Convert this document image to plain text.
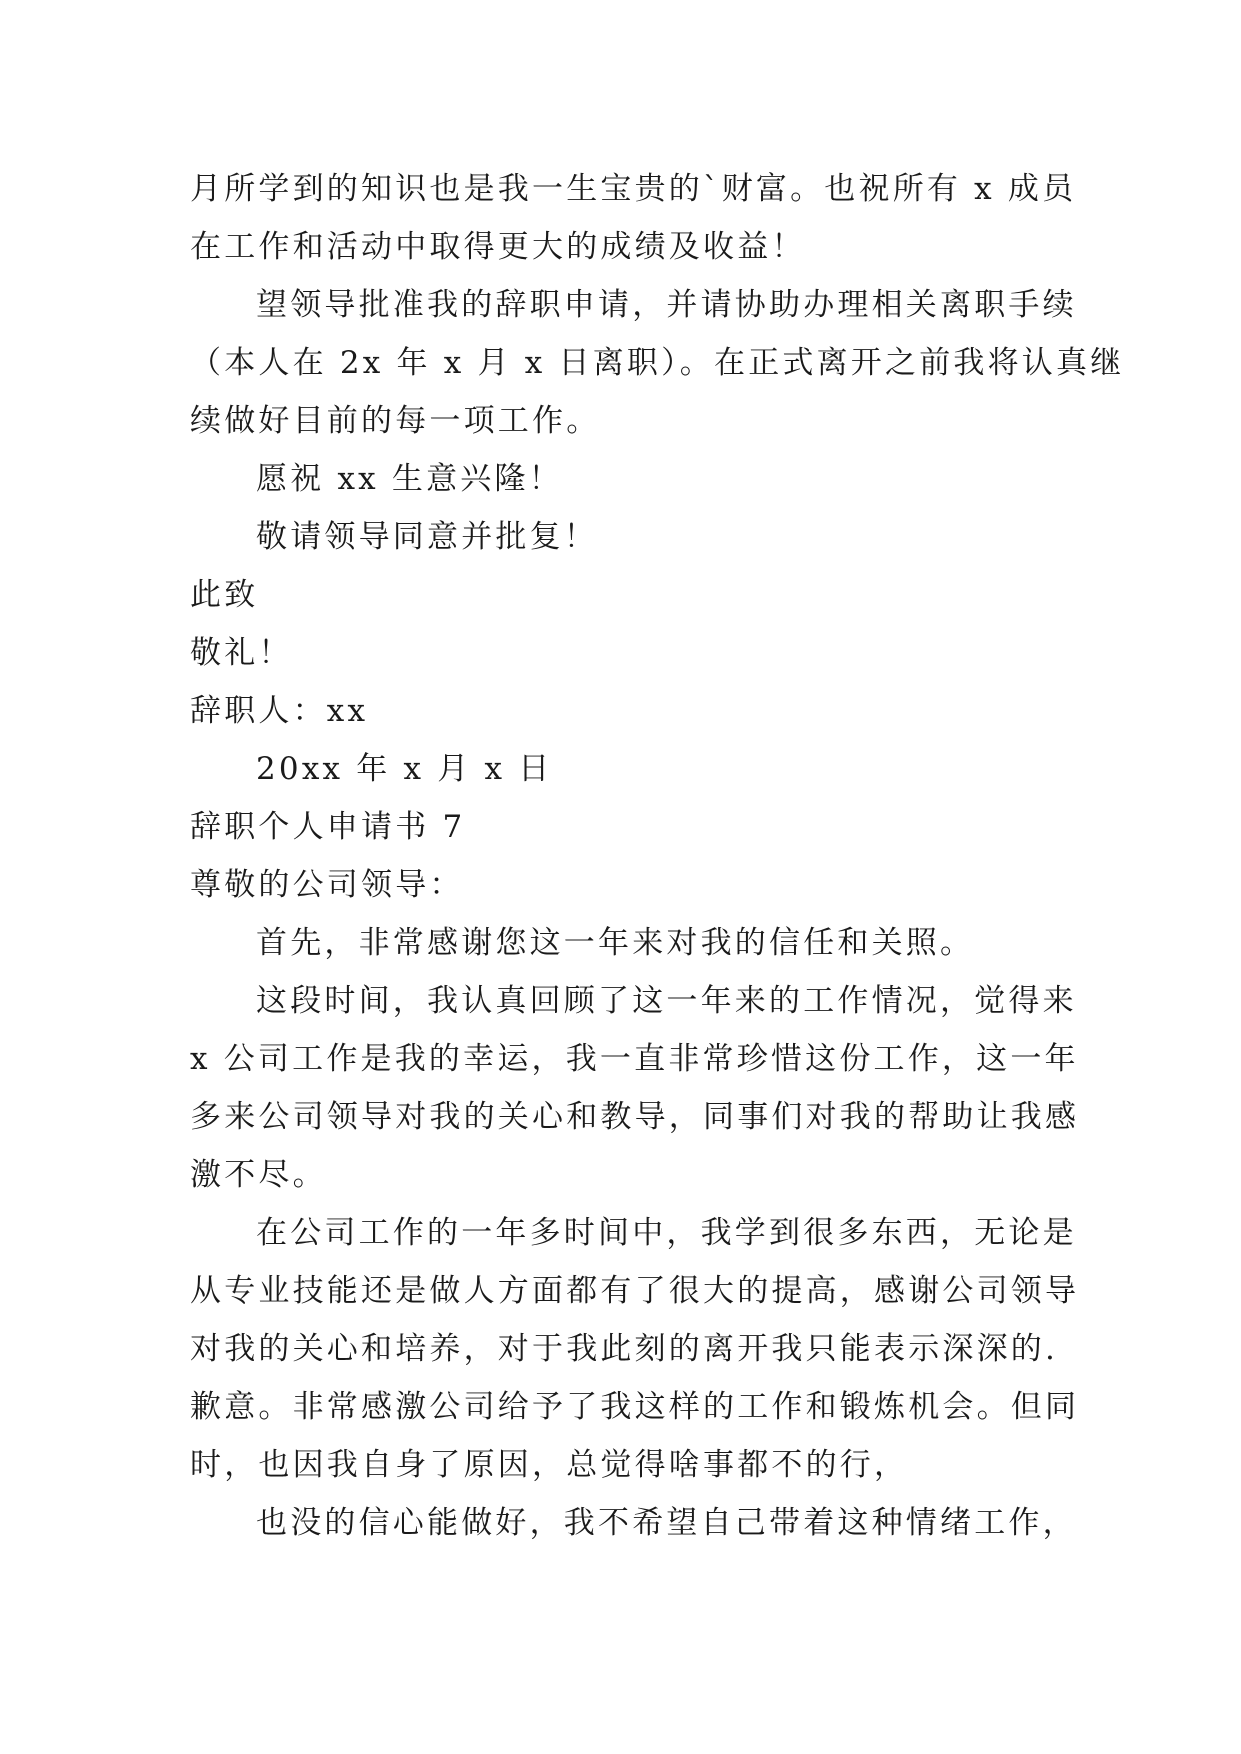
月所学到的知识也是我一生宝贵的`财富。也祝所有 x 成员
在工作和活动中取得更大的成绩及收益！
望领导批准我的辞职申请，并请协助办理相关离职手续
（本人在 2x 年 x 月 x 日离职）。在正式离开之前我将认真继
续做好目前的每一项工作。
愿祝 xx 生意兴隆！
敬请领导同意并批复！
此致
敬礼！
辞职人：xx
20xx 年 x 月 x 日
辞职个人申请书 7
尊敬的公司领导：
首先，非常感谢您这一年来对我的信任和关照。
这段时间，我认真回顾了这一年来的工作情况，觉得来
x 公司工作是我的幸运，我一直非常珍惜这份工作，这一年
多来公司领导对我的关心和教导，同事们对我的帮助让我感
激不尽。
在公司工作的一年多时间中，我学到很多东西，无论是
从专业技能还是做人方面都有了很大的提高，感谢公司领导
对我的关心和培养，对于我此刻的离开我只能表示深深的.
歉意。非常感激公司给予了我这样的工作和锻炼机会。但同
时，也因我自身了原因，总觉得啥事都不的行，
也没的信心能做好，我不希望自己带着这种情绪工作，
